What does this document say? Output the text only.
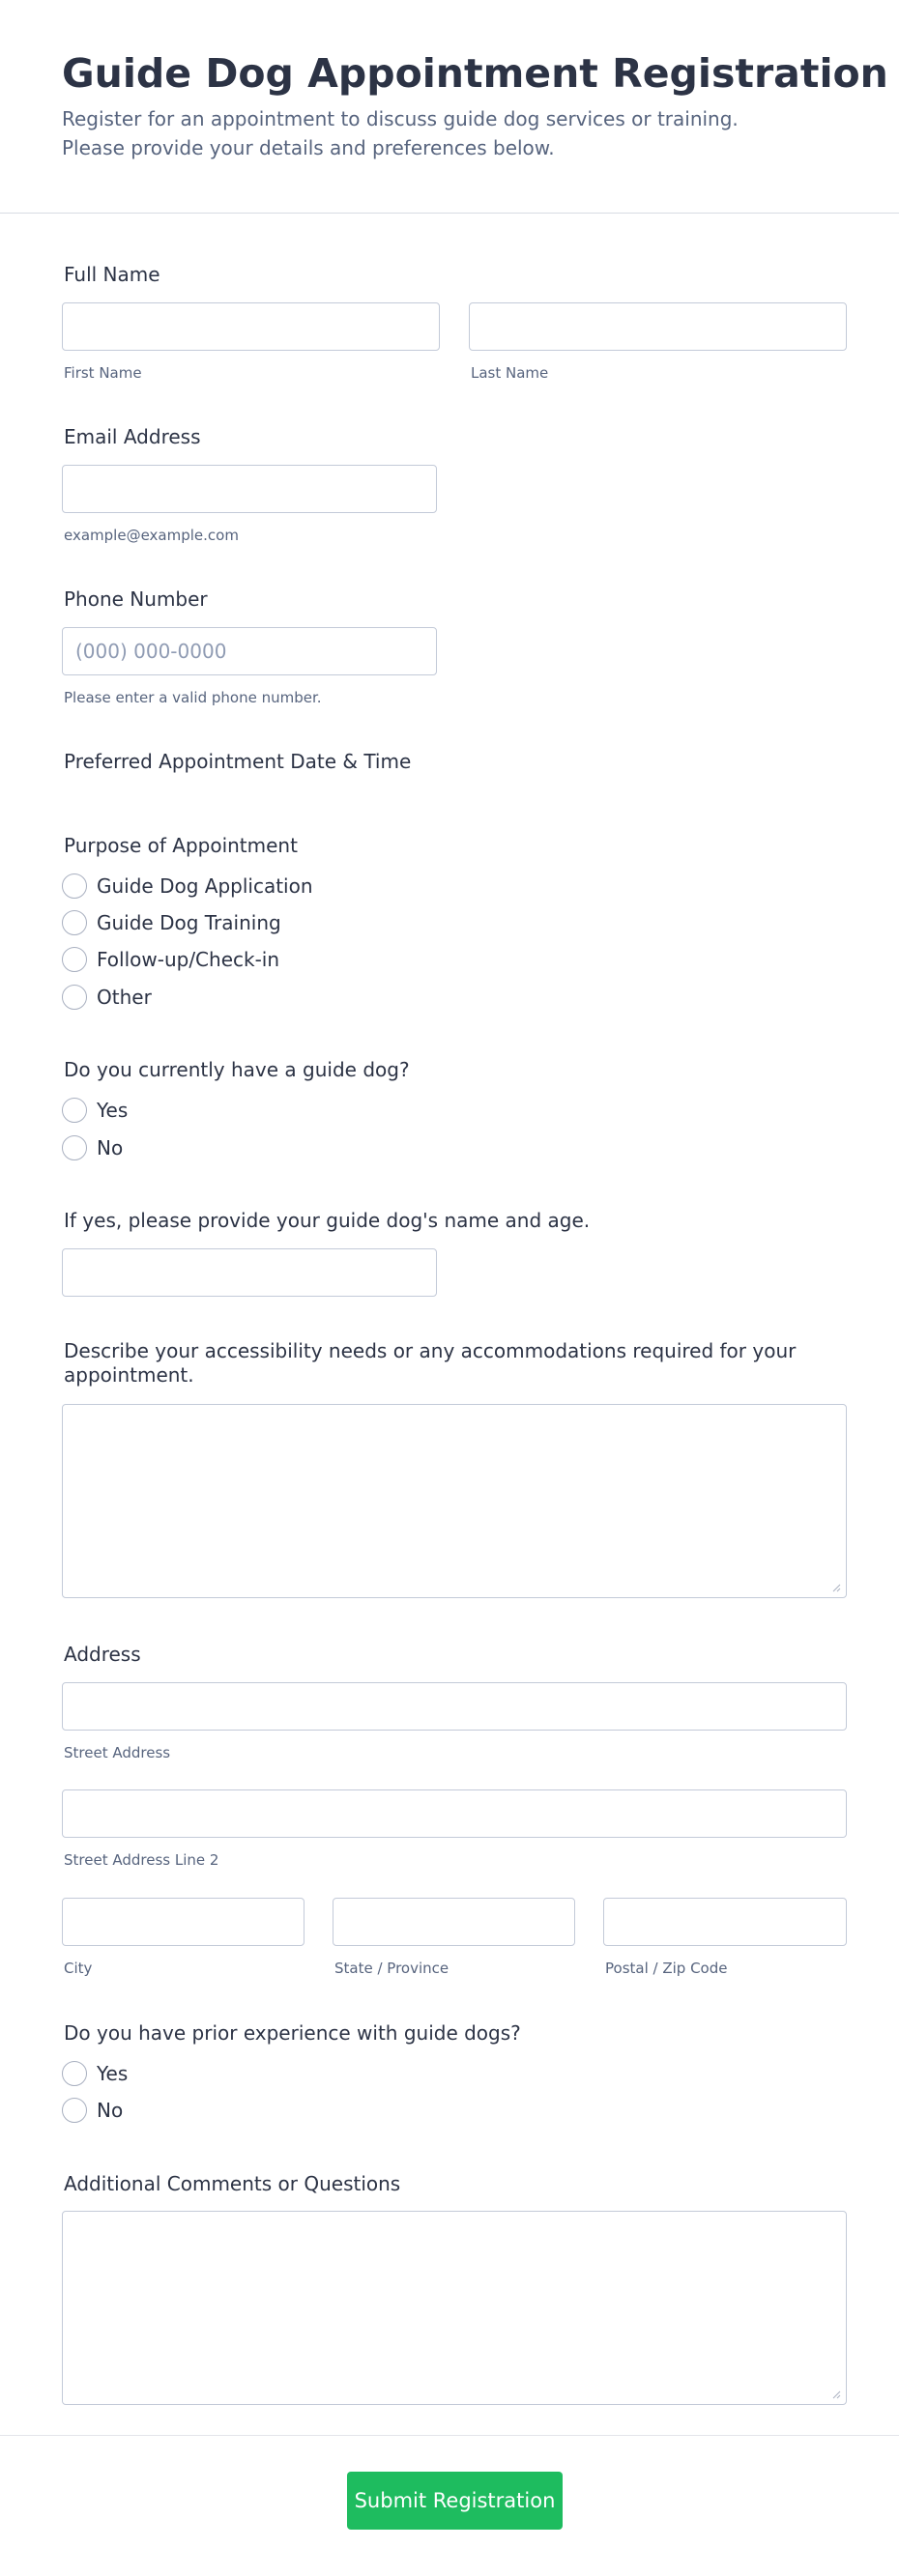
Guide Dog Appointment Registration
Register for an appointment to discuss guide dog services or training. Please provide your details and preferences below.
Full Name
First Name	Last Name
Email Address
example@example.com
Phone Number
(000) 000-0000
Please enter a valid phone number.
Preferred Appointment Date & Time
Purpose of Appointment
Guide Dog Application
Guide Dog Training
Follow-up/Check-in
Other
Do you currently have a guide dog?
Yes
No
If yes, please provide your guide dog's name and age.
Describe your accessibility needs or any accommodations required for your appointment.
Address
Street Address
Street Address Line 2
City	State / Province	Postal / Zip Code
Do you have prior experience with guide dogs?
Yes
No
Additional Comments or Questions
Submit Registration
